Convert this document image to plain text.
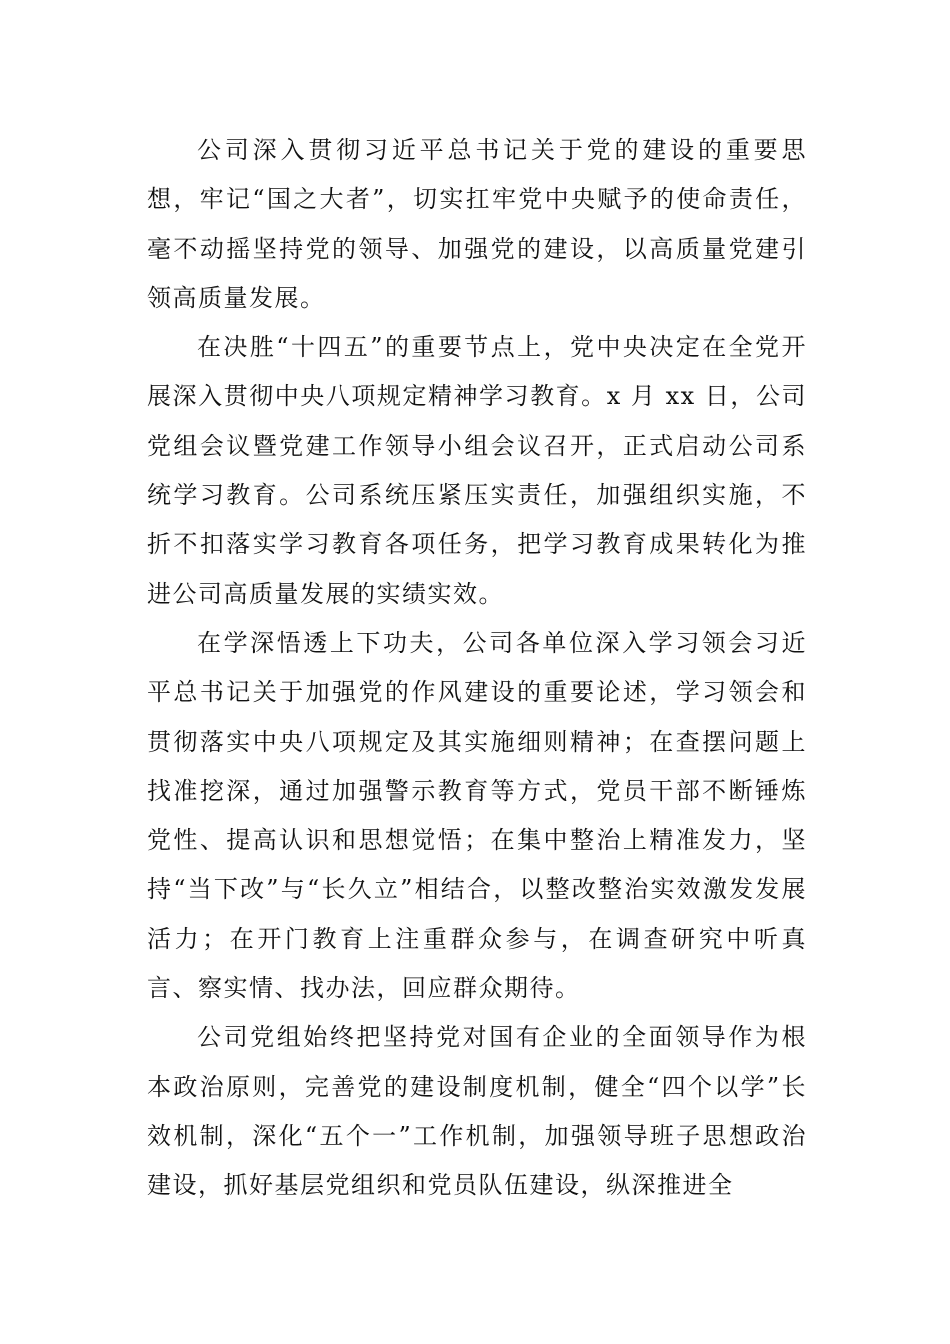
公司深入贯彻习近平总书记关于党的建设的重要思想，牢记“国之大者”，切实扛牢党中央赋予的使命责任，毫不动摇坚持党的领导、加强党的建设，以高质量党建引领高质量发展。

在决胜“十四五”的重要节点上，党中央决定在全党开展深入贯彻中央八项规定精神学习教育。x 月 xx 日，公司党组会议暨党建工作领导小组会议召开，正式启动公司系统学习教育。公司系统压紧压实责任，加强组织实施，不折不扣落实学习教育各项任务，把学习教育成果转化为推进公司高质量发展的实绩实效。

在学深悟透上下功夫，公司各单位深入学习领会习近平总书记关于加强党的作风建设的重要论述，学习领会和贯彻落实中央八项规定及其实施细则精神；在查摆问题上找准挖深，通过加强警示教育等方式，党员干部不断锤炼党性、提高认识和思想觉悟；在集中整治上精准发力，坚持“当下改”与“长久立”相结合，以整改整治实效激发发展活力；在开门教育上注重群众参与，在调查研究中听真言、察实情、找办法，回应群众期待。

公司党组始终把坚持党对国有企业的全面领导作为根本政治原则，完善党的建设制度机制，健全“四个以学”长效机制，深化“五个一”工作机制，加强领导班子思想政治建设，抓好基层党组织和党员队伍建设，纵深推进全
